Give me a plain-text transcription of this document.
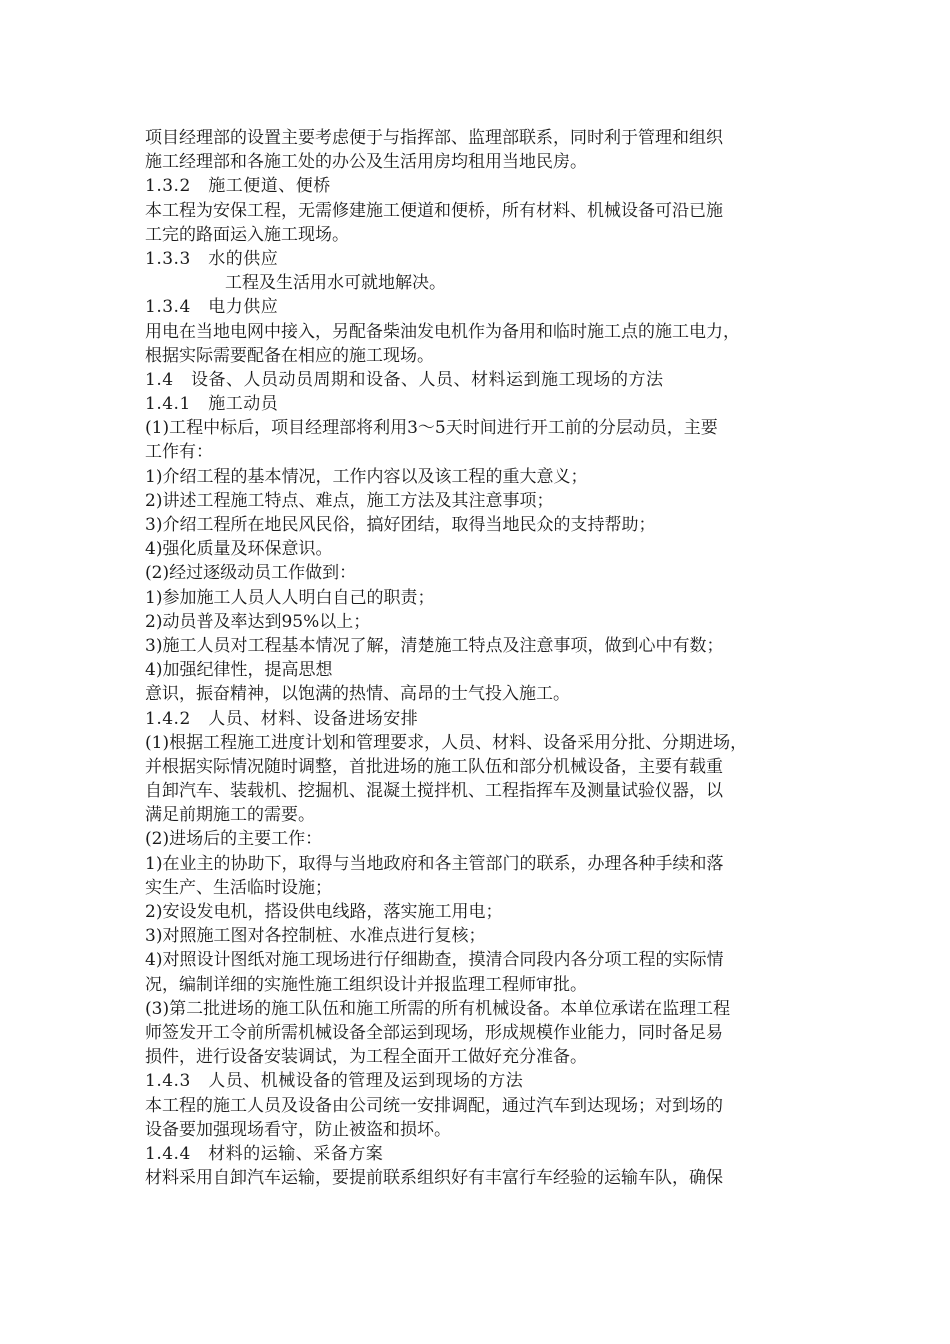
项目经理部的设置主要考虑便于与指挥部、监理部联系，同时利于管理和组织

施工经理部和各施工处的办公及生活用房均租用当地民房。

1.3.2　施工便道、便桥

本工程为安保工程，无需修建施工便道和便桥，所有材料、机械设备可沿已施

工完的路面运入施工现场。

1.3.3　水的供应

工程及生活用水可就地解决。

1.3.4　电力供应

用电在当地电网中接入，另配备柴油发电机作为备用和临时施工点的施工电力，

根据实际需要配备在相应的施工现场。

1.4　设备、人员动员周期和设备、人员、材料运到施工现场的方法

1.4.1　施工动员

(1)工程中标后，项目经理部将利用3～5天时间进行开工前的分层动员，主要

工作有：

1)介绍工程的基本情况，工作内容以及该工程的重大意义；

2)讲述工程施工特点、难点，施工方法及其注意事项；

3)介绍工程所在地民风民俗，搞好团结，取得当地民众的支持帮助；

4)强化质量及环保意识。

(2)经过逐级动员工作做到：

1)参加施工人员人人明白自己的职责；

2)动员普及率达到95%以上；

3)施工人员对工程基本情况了解，清楚施工特点及注意事项，做到心中有数；

4)加强纪律性，提高思想

意识，振奋精神，以饱满的热情、高昂的士气投入施工。

1.4.2　人员、材料、设备进场安排

(1)根据工程施工进度计划和管理要求，人员、材料、设备采用分批、分期进场，

并根据实际情况随时调整，首批进场的施工队伍和部分机械设备，主要有载重

自卸汽车、装载机、挖掘机、混凝土搅拌机、工程指挥车及测量试验仪器，以

满足前期施工的需要。

(2)进场后的主要工作：

1)在业主的协助下，取得与当地政府和各主管部门的联系，办理各种手续和落

实生产、生活临时设施；

2)安设发电机，搭设供电线路，落实施工用电；

3)对照施工图对各控制桩、水准点进行复核；

4)对照设计图纸对施工现场进行仔细勘查，摸清合同段内各分项工程的实际情

况，编制详细的实施性施工组织设计并报监理工程师审批。

(3)第二批进场的施工队伍和施工所需的所有机械设备。本单位承诺在监理工程

师签发开工令前所需机械设备全部运到现场，形成规模作业能力，同时备足易

损件，进行设备安装调试，为工程全面开工做好充分准备。

1.4.3　人员、机械设备的管理及运到现场的方法

本工程的施工人员及设备由公司统一安排调配，通过汽车到达现场；对到场的

设备要加强现场看守，防止被盗和损坏。

1.4.4　材料的运输、采备方案

材料采用自卸汽车运输，要提前联系组织好有丰富行车经验的运输车队，确保
